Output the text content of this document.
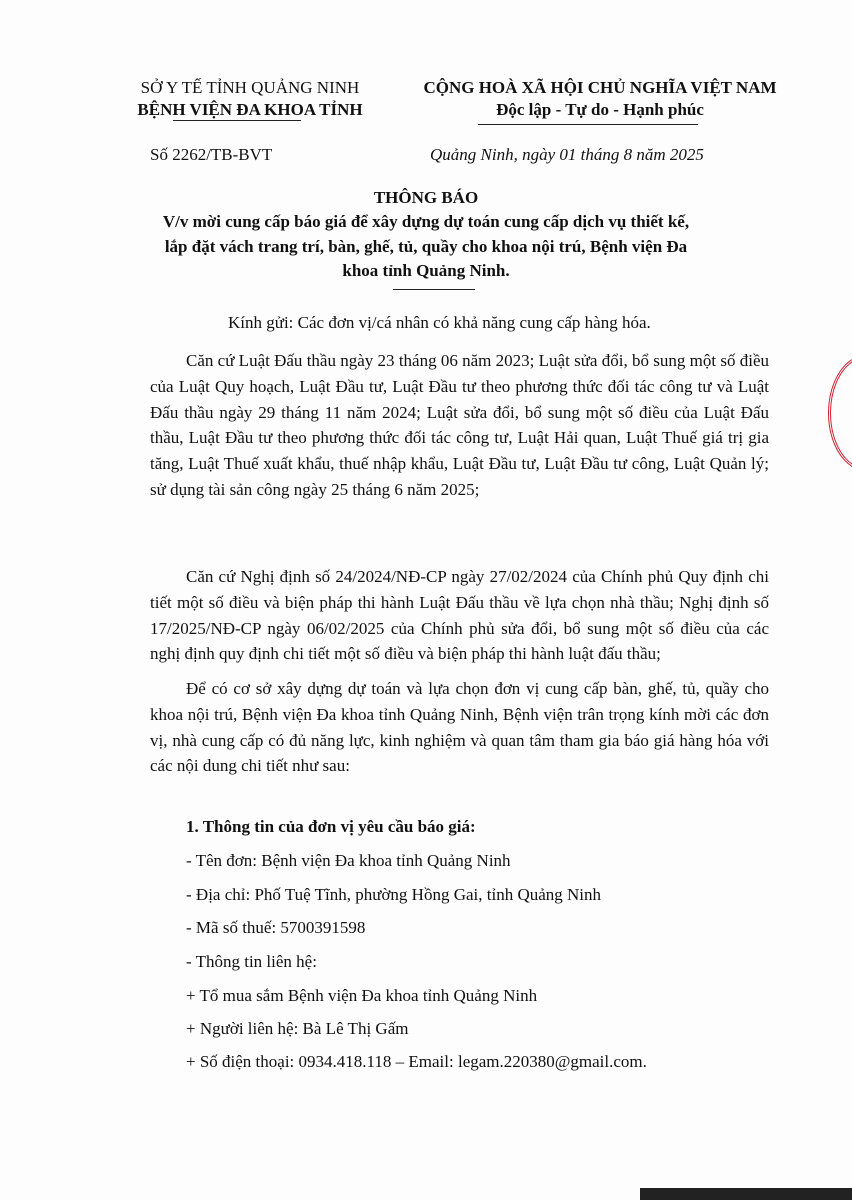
SỞ Y TẾ TỈNH QUẢNG NINH
BỆNH VIỆN ĐA KHOA TỈNH
CỘNG HOÀ XÃ HỘI CHỦ NGHĨA VIỆT NAM
Độc lập - Tự do - Hạnh phúc
Số 2262/TB-BVT	Quảng Ninh, ngày 01 tháng 8 năm 2025
THÔNG BÁO
V/v mời cung cấp báo giá để xây dựng dự toán cung cấp dịch vụ thiết kế,
lắp đặt vách trang trí, bàn, ghế, tủ, quầy cho khoa nội trú, Bệnh viện Đa
khoa tỉnh Quảng Ninh.
Kính gửi: Các đơn vị/cá nhân có khả năng cung cấp hàng hóa.
Căn cứ Luật Đấu thầu ngày 23 tháng 06 năm 2023; Luật sửa đổi, bổ sung một số điều của Luật Quy hoạch, Luật Đầu tư, Luật Đầu tư theo phương thức đối tác công tư và Luật Đấu thầu ngày 29 tháng 11 năm 2024; Luật sửa đổi, bổ sung một số điều của Luật Đấu thầu, Luật Đầu tư theo phương thức đối tác công tư, Luật Hải quan, Luật Thuế giá trị gia tăng, Luật Thuế xuất khẩu, thuế nhập khẩu, Luật Đầu tư, Luật Đầu tư công, Luật Quản lý; sử dụng tài sản công ngày 25 tháng 6 năm 2025;
Căn cứ Nghị định số 24/2024/NĐ-CP ngày 27/02/2024 của Chính phủ Quy định chi tiết một số điều và biện pháp thi hành Luật Đấu thầu về lựa chọn nhà thầu; Nghị định số 17/2025/NĐ-CP ngày 06/02/2025 của Chính phủ sửa đổi, bổ sung một số điều của các nghị định quy định chi tiết một số điều và biện pháp thi hành luật đấu thầu;
Để có cơ sở xây dựng dự toán và lựa chọn đơn vị cung cấp bàn, ghế, tủ, quầy cho khoa nội trú, Bệnh viện Đa khoa tỉnh Quảng Ninh, Bệnh viện trân trọng kính mời các đơn vị, nhà cung cấp có đủ năng lực, kinh nghiệm và quan tâm tham gia báo giá hàng hóa với các nội dung chi tiết như sau:
1. Thông tin của đơn vị yêu cầu báo giá:
- Tên đơn: Bệnh viện Đa khoa tỉnh Quảng Ninh
- Địa chỉ: Phố Tuệ Tĩnh, phường Hồng Gai, tỉnh Quảng Ninh
- Mã số thuế: 5700391598
- Thông tin liên hệ:
+ Tổ mua sắm Bệnh viện Đa khoa tỉnh Quảng Ninh
+ Người liên hệ: Bà Lê Thị Gấm
+ Số điện thoại: 0934.418.118 – Email: legam.220380@gmail.com.
